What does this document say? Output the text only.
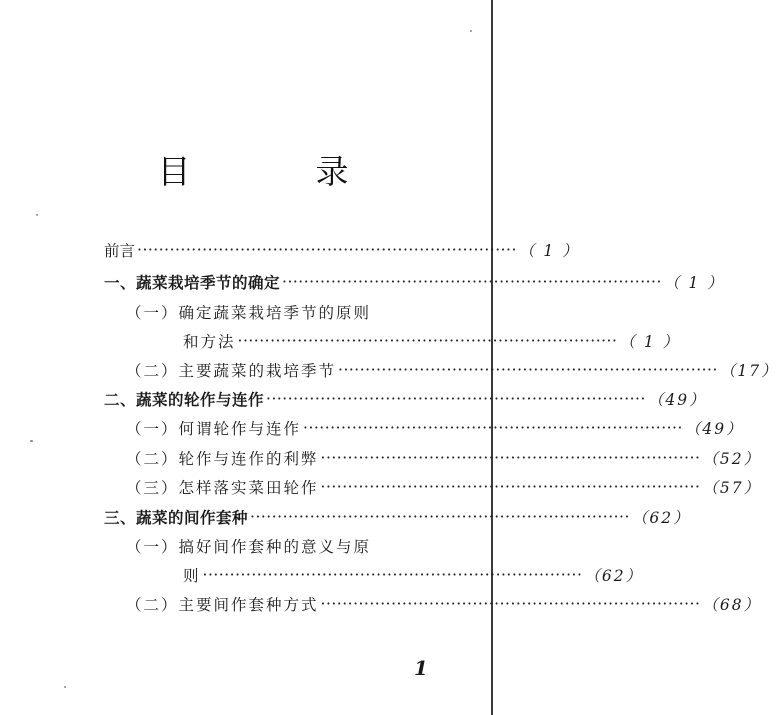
目　录
前言 ······································································ （ 1 ）
一、蔬菜栽培季节的确定 ······································································ （ 1 ）
（一）确定蔬菜栽培季节的原则
和方法 ······································································ （ 1 ）
（二）主要蔬菜的栽培季节 ······································································ （17）
二、蔬菜的轮作与连作 ······································································ （49）
（一）何谓轮作与连作 ······································································ （49）
（二）轮作与连作的利弊 ······································································ （52）
（三）怎样落实菜田轮作 ······································································ （57）
三、蔬菜的间作套种 ······································································ （62）
（一）搞好间作套种的意义与原
则 ······································································ （62）
（二）主要间作套种方式 ······································································ （68）
1
